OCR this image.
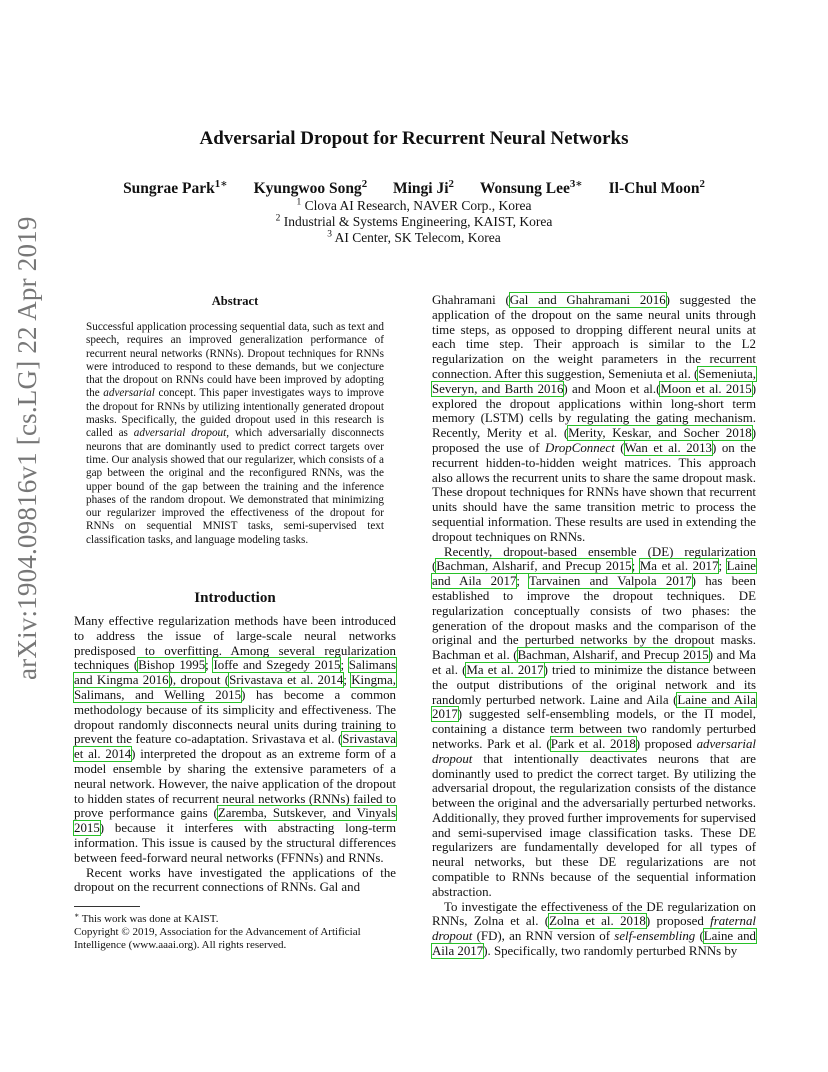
arXiv:1904.09816v1 [cs.LG] 22 Apr 2019
Adversarial Dropout for Recurrent Neural Networks
Sungrae Park$^{1∗}$ Kyungwoo Song$^2$ Mingi Ji$^2$ Wonsung Lee$^{3∗}$ Il-Chul Moon$^2$
$^1$ Clova AI Research, NAVER Corp., Korea
$^2$ Industrial & Systems Engineering, KAIST, Korea
$^3$ AI Center, SK Telecom, Korea
Abstract
Successful application processing sequential data, such as text and speech, requires an improved generalization performance of recurrent neural networks (RNNs). Dropout techniques for RNNs were introduced to respond to these demands, but we conjecture that the dropout on RNNs could have been improved by adopting the adversarial concept. This paper investigates ways to improve the dropout for RNNs by utilizing intentionally generated dropout masks. Specifically, the guided dropout used in this research is called as adversarial dropout, which adversarially disconnects neurons that are dominantly used to predict correct targets over time. Our analysis showed that our regularizer, which consists of a gap between the original and the reconfigured RNNs, was the upper bound of the gap between the training and the inference phases of the random dropout. We demonstrated that minimizing our regularizer improved the effectiveness of the dropout for RNNs on sequential MNIST tasks, semi-supervised text classification tasks, and language modeling tasks.
Introduction

Many effective regularization methods have been introduced to address the issue of large-scale neural networks predisposed to overfitting. Among several regularization techniques (Bishop 1995; Ioffe and Szegedy 2015; Salimans and Kingma 2016), dropout (Srivastava et al. 2014; Kingma, Salimans, and Welling 2015) has become a common methodology because of its simplicity and effectiveness. The dropout randomly disconnects neural units during training to prevent the feature co-adaptation. Srivastava et al. (Srivastava et al. 2014) interpreted the dropout as an extreme form of a model ensemble by sharing the extensive parameters of a neural network. However, the naive application of the dropout to hidden states of recurrent neural networks (RNNs) failed to prove performance gains (Zaremba, Sutskever, and Vinyals 2015) because it interferes with abstracting long-term information. This issue is caused by the structural differences between feed-forward neural networks (FFNNs) and RNNs.

Recent works have investigated the applications of the dropout on the recurrent connections of RNNs. Gal and

Ghahramani (Gal and Ghahramani 2016) suggested the application of the dropout on the same neural units through time steps, as opposed to dropping different neural units at each time step. Their approach is similar to the L2 regularization on the weight parameters in the recurrent connection. After this suggestion, Semeniuta et al. (Semeniuta, Severyn, and Barth 2016) and Moon et al.(Moon et al. 2015) explored the dropout applications within long-short term memory (LSTM) cells by regulating the gating mechanism. Recently, Merity et al. (Merity, Keskar, and Socher 2018) proposed the use of DropConnect (Wan et al. 2013) on the recurrent hidden-to-hidden weight matrices. This approach also allows the recurrent units to share the same dropout mask. These dropout techniques for RNNs have shown that recurrent units should have the same transition metric to process the sequential information. These results are used in extending the dropout techniques on RNNs.

Recently, dropout-based ensemble (DE) regularization (Bachman, Alsharif, and Precup 2015; Ma et al. 2017; Laine and Aila 2017; Tarvainen and Valpola 2017) has been established to improve the dropout techniques. DE regularization conceptually consists of two phases: the generation of the dropout masks and the comparison of the original and the perturbed networks by the dropout masks. Bachman et al. (Bachman, Alsharif, and Precup 2015) and Ma et al. (Ma et al. 2017) tried to minimize the distance between the output distributions of the original network and its randomly perturbed network. Laine and Aila (Laine and Aila 2017) suggested self-ensembling models, or the Π model, containing a distance term between two randomly perturbed networks. Park et al. (Park et al. 2018) proposed adversarial dropout that intentionally deactivates neurons that are dominantly used to predict the correct target. By utilizing the adversarial dropout, the regularization consists of the distance between the original and the adversarially perturbed networks. Additionally, they proved further improvements for supervised and semi-supervised image classification tasks. These DE regularizers are fundamentally developed for all types of neural networks, but these DE regularizations are not compatible to RNNs because of the sequential information abstraction.

To investigate the effectiveness of the DE regularization on RNNs, Zolna et al. (Zolna et al. 2018) proposed fraternal dropout (FD), an RNN version of self-ensembling (Laine and Aila 2017). Specifically, two randomly perturbed RNNs by

∗ This work was done at KAIST.
Copyright © 2019, Association for the Advancement of Artificial Intelligence (www.aaai.org). All rights reserved.
